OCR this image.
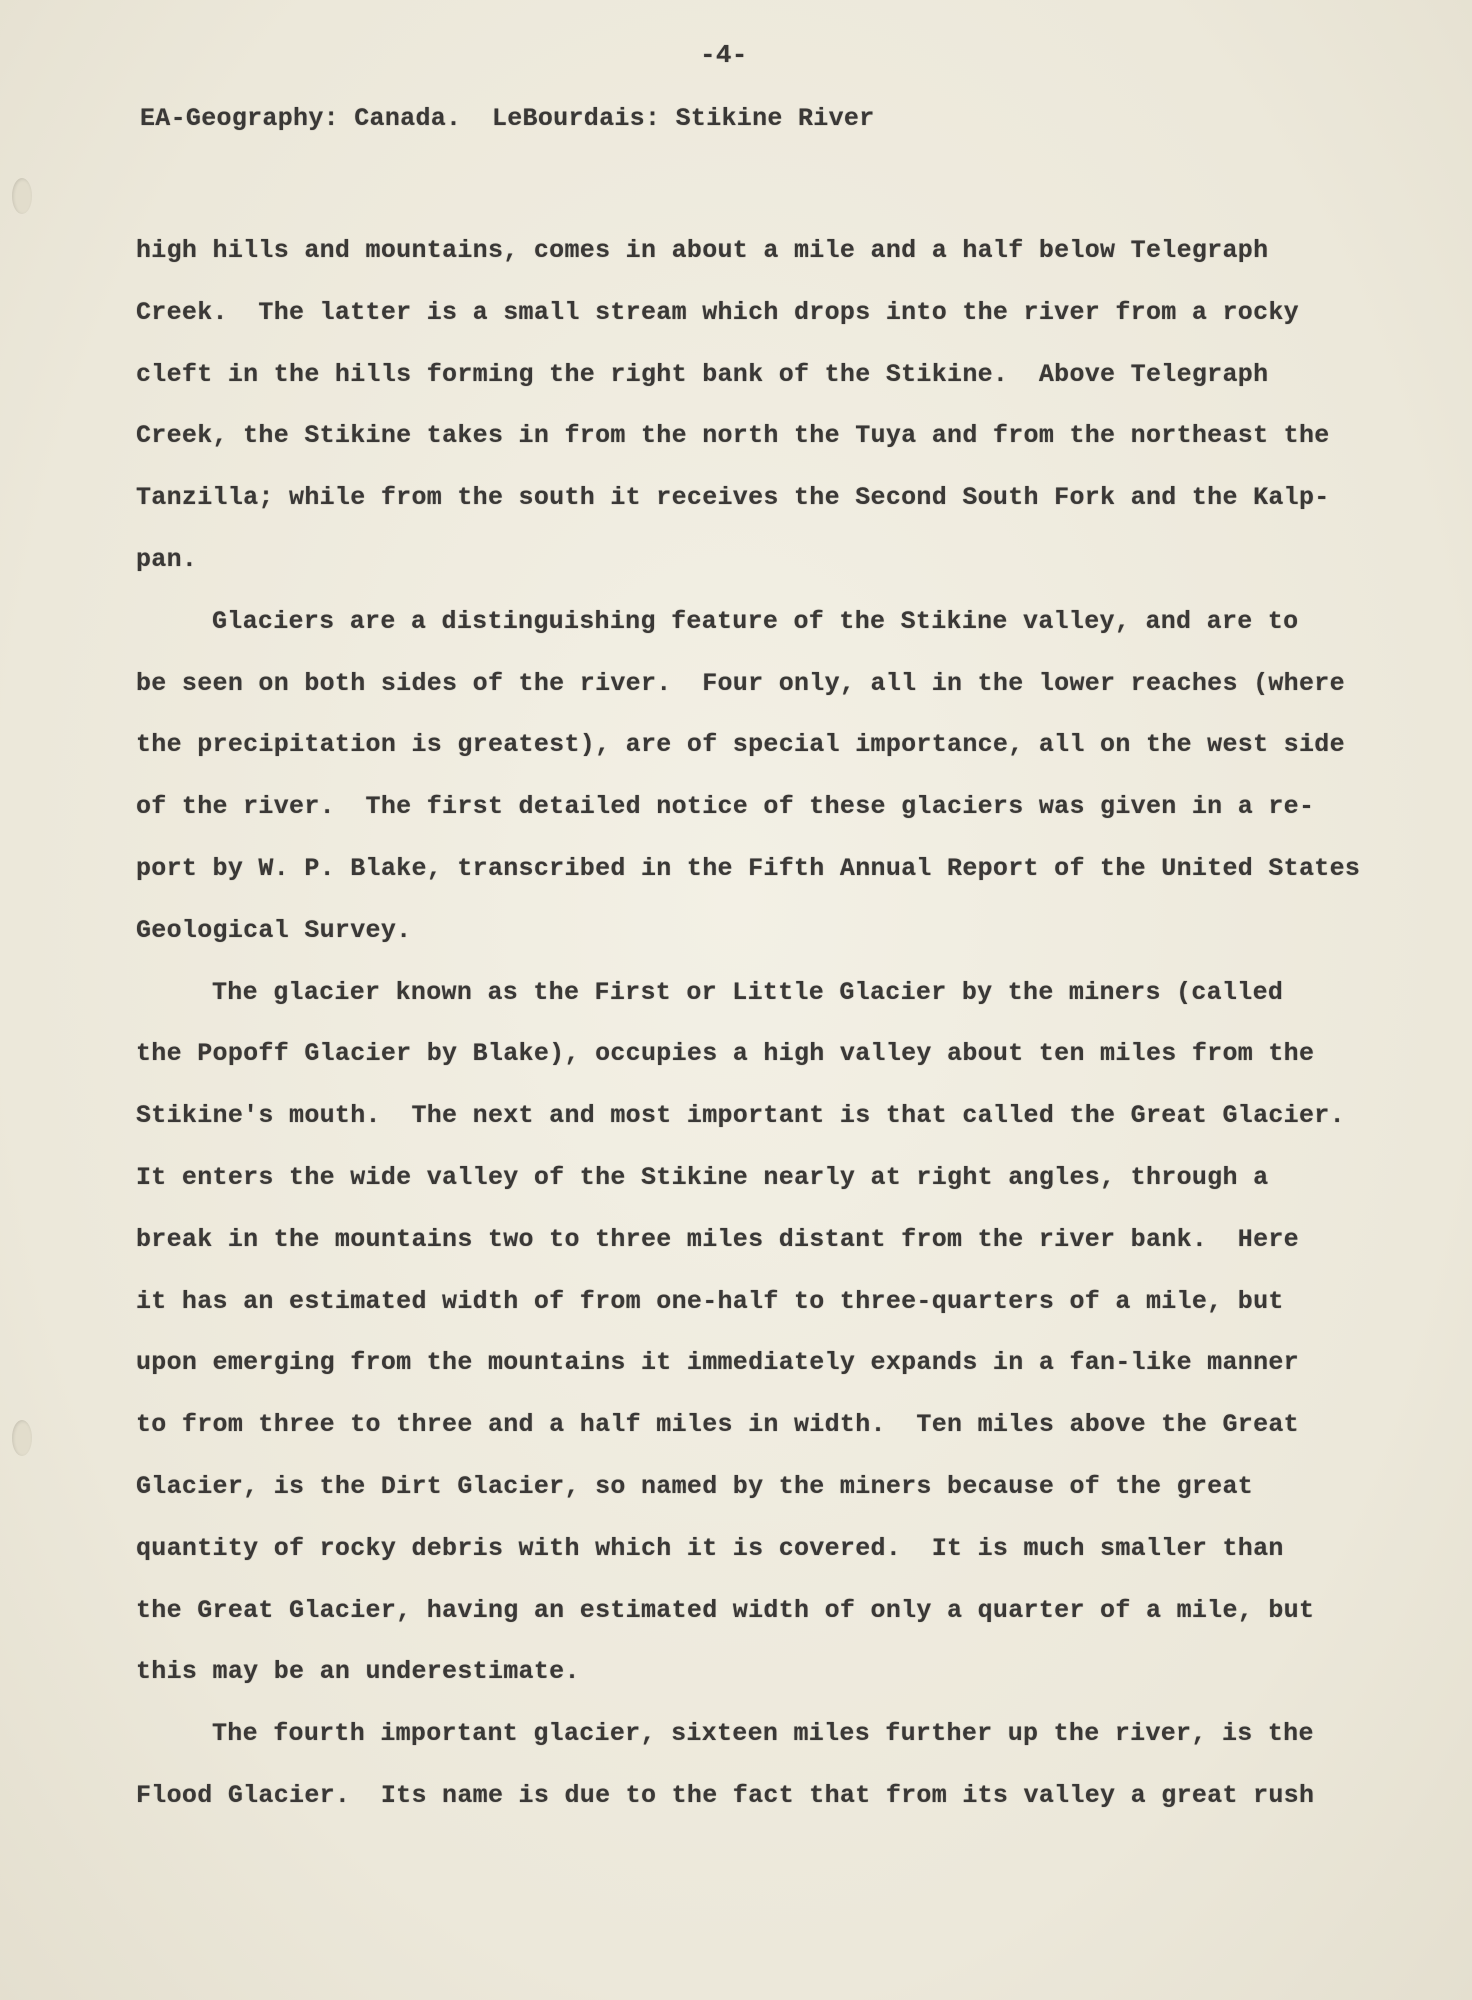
-4-
EA-Geography: Canada.  LeBourdais: Stikine River
high hills and mountains, comes in about a mile and a half below Telegraph
Creek.  The latter is a small stream which drops into the river from a rocky
cleft in the hills forming the right bank of the Stikine.  Above Telegraph
Creek, the Stikine takes in from the north the Tuya and from the northeast the
Tanzilla; while from the south it receives the Second South Fork and the Kalp-
pan.
Glaciers are a distinguishing feature of the Stikine valley, and are to
be seen on both sides of the river.  Four only, all in the lower reaches (where
the precipitation is greatest), are of special importance, all on the west side
of the river.  The first detailed notice of these glaciers was given in a re-
port by W. P. Blake, transcribed in the Fifth Annual Report of the United States
Geological Survey.
The glacier known as the First or Little Glacier by the miners (called
the Popoff Glacier by Blake), occupies a high valley about ten miles from the
Stikine's mouth.  The next and most important is that called the Great Glacier.
It enters the wide valley of the Stikine nearly at right angles, through a
break in the mountains two to three miles distant from the river bank.  Here
it has an estimated width of from one-half to three-quarters of a mile, but
upon emerging from the mountains it immediately expands in a fan-like manner
to from three to three and a half miles in width.  Ten miles above the Great
Glacier, is the Dirt Glacier, so named by the miners because of the great
quantity of rocky debris with which it is covered.  It is much smaller than
the Great Glacier, having an estimated width of only a quarter of a mile, but
this may be an underestimate.
The fourth important glacier, sixteen miles further up the river, is the
Flood Glacier.  Its name is due to the fact that from its valley a great rush
